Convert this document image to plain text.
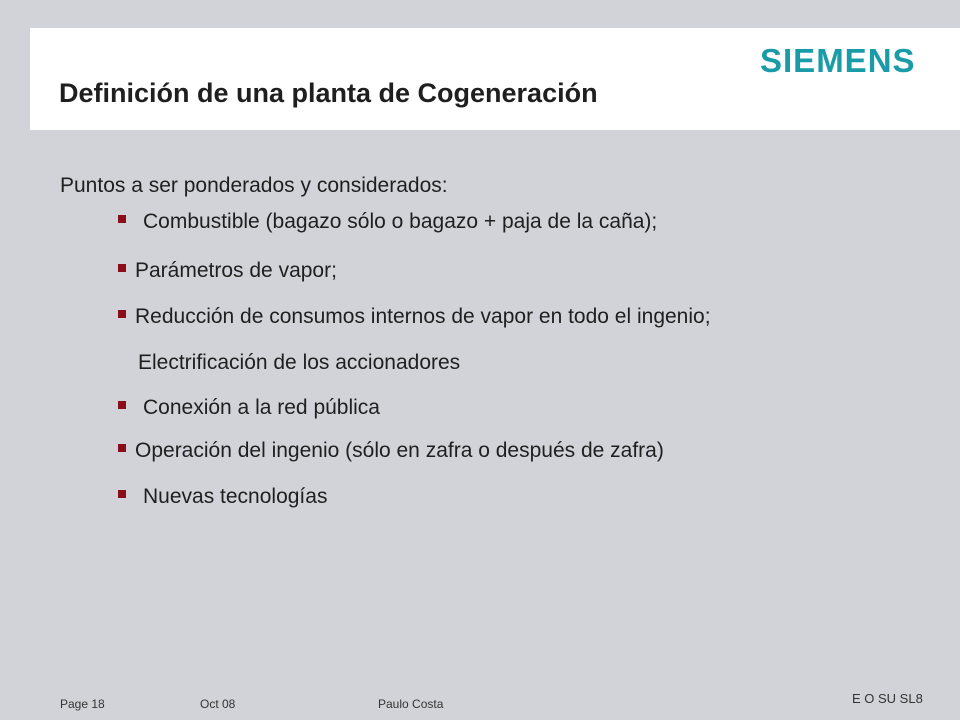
SIEMENS
Definición de una planta de Cogeneración
Puntos a ser ponderados y considerados:
Combustible (bagazo sólo o bagazo + paja de la caña);
Parámetros de vapor;
Reducción de consumos internos de vapor en todo el ingenio;
Conexión a la red pública
Operación del ingenio (sólo en zafra o después de zafra)
Nuevas tecnologías
Electrificación de los accionadores
Page 18	Oct 08	Paulo Costa	E O SU SL8
